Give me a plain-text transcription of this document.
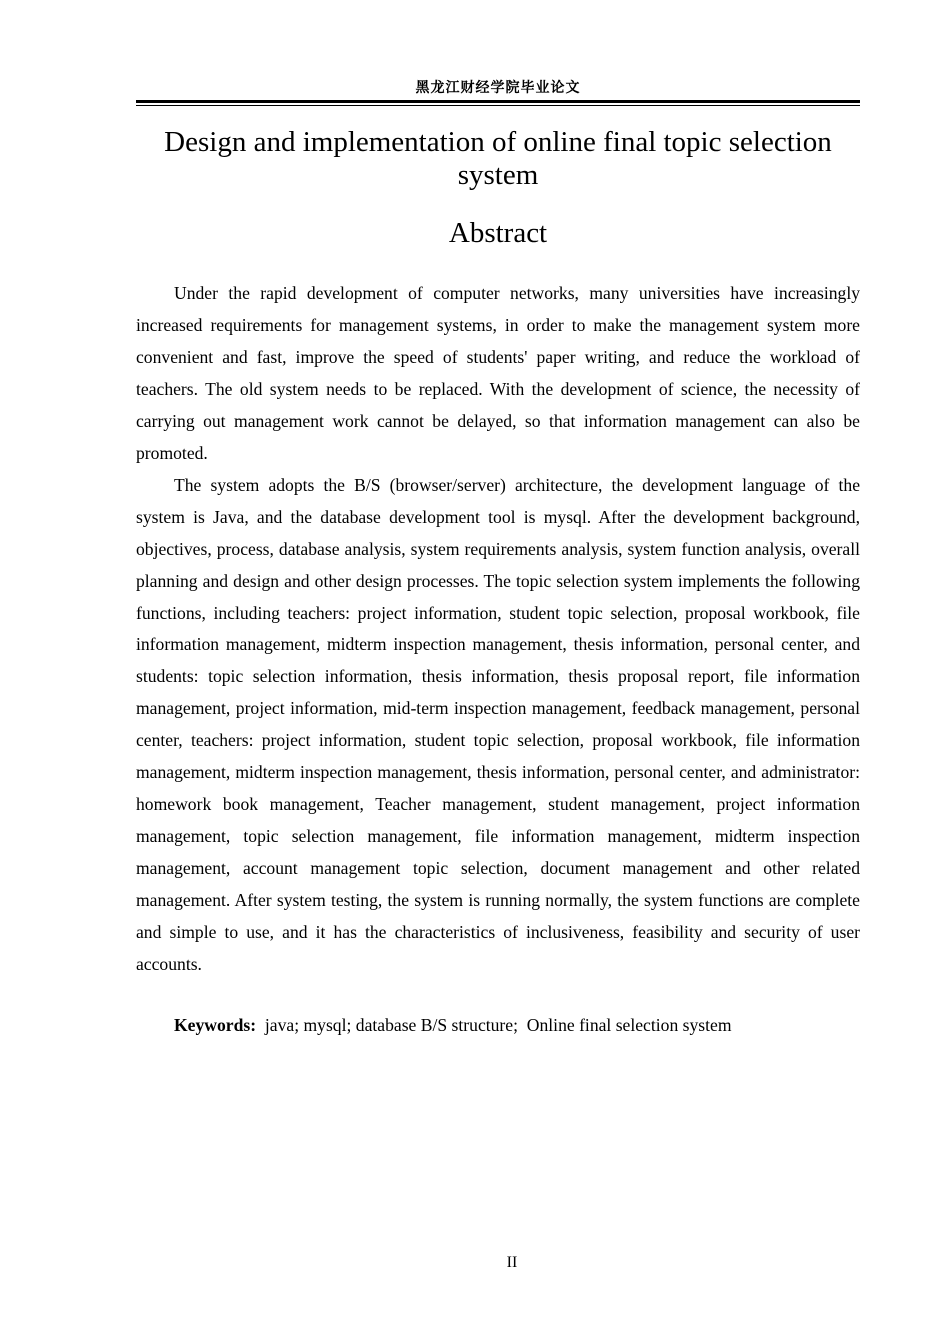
黑龙江财经学院毕业论文
Design and implementation of online final topic selection system
Abstract

Under the rapid development of computer networks, many universities have increasingly increased requirements for management systems, in order to make the management system more convenient and fast, improve the speed of students' paper writing, and reduce the workload of teachers. The old system needs to be replaced. With the development of science, the necessity of carrying out management work cannot be delayed, so that information management can also be promoted.

The system adopts the B/S (browser/server) architecture, the development language of the system is Java, and the database development tool is mysql. After the development background, objectives, process, database analysis, system requirements analysis, system function analysis, overall planning and design and other design processes. The topic selection system implements the following functions, including teachers: project information, student topic selection, proposal workbook, file information management, midterm inspection management, thesis information, personal center, and students: topic selection information, thesis information, thesis proposal report, file information management, project information, mid-term inspection management, feedback management, personal center, teachers: project information, student topic selection, proposal workbook, file information management, midterm inspection management, thesis information, personal center, and administrator: homework book management, Teacher management, student management, project information management, topic selection management, file information management, midterm inspection management, account management topic selection, document management and other related management. After system testing, the system is running normally, the system functions are complete and simple to use, and it has the characteristics of inclusiveness, feasibility and security of user accounts.

Keywords:  java; mysql; database B/S structure;  Online final selection system
II
